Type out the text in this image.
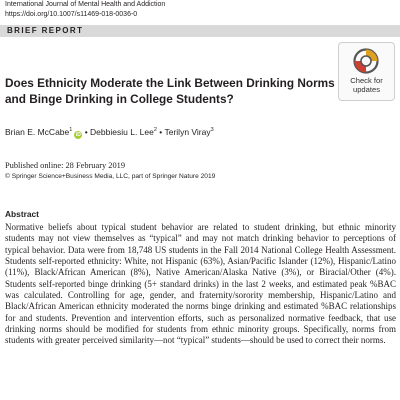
International Journal of Mental Health and Addiction
https://doi.org/10.1007/s11469-018-0036-0
BRIEF REPORT
Check for
updates
Does Ethnicity Moderate the Link Between Drinking Norms and Binge Drinking in College Students?
Brian E. McCabe$^1$iD • Debbiesiu L. Lee$^2$ • Terilyn Viray$^3$
Published online: 28 February 2019
© Springer Science+Business Media, LLC, part of Springer Nature 2019
Abstract

Normative beliefs about typical student behavior are related to student drinking, but ethnic minority students may not view themselves as “typical” and may not match drinking behavior to perceptions of typical behavior. Data were from 18,748 US students in the Fall 2014 National College Health Assessment. Students self-reported ethnicity: White, not Hispanic (63%), Asian/Pacific Islander (12%), Hispanic/Latino (11%), Black/African American (8%), Native American/Alaska Native (3%), or Biracial/Other (4%). Students self-reported binge drinking (5+ standard drinks) in the last 2 weeks, and estimated peak %BAC was calculated. Controlling for age, gender, and fraternity/sorority membership, Hispanic/Latino and Black/African American ethnicity moderated the norms binge drinking and estimated %BAC relationships for and students. Prevention and intervention efforts, such as personalized normative feedback, that use drinking norms should be modified for students from ethnic minority groups. Specifically, norms from students with greater perceived similarity—not “typical” students—should be used to correct their norms.
